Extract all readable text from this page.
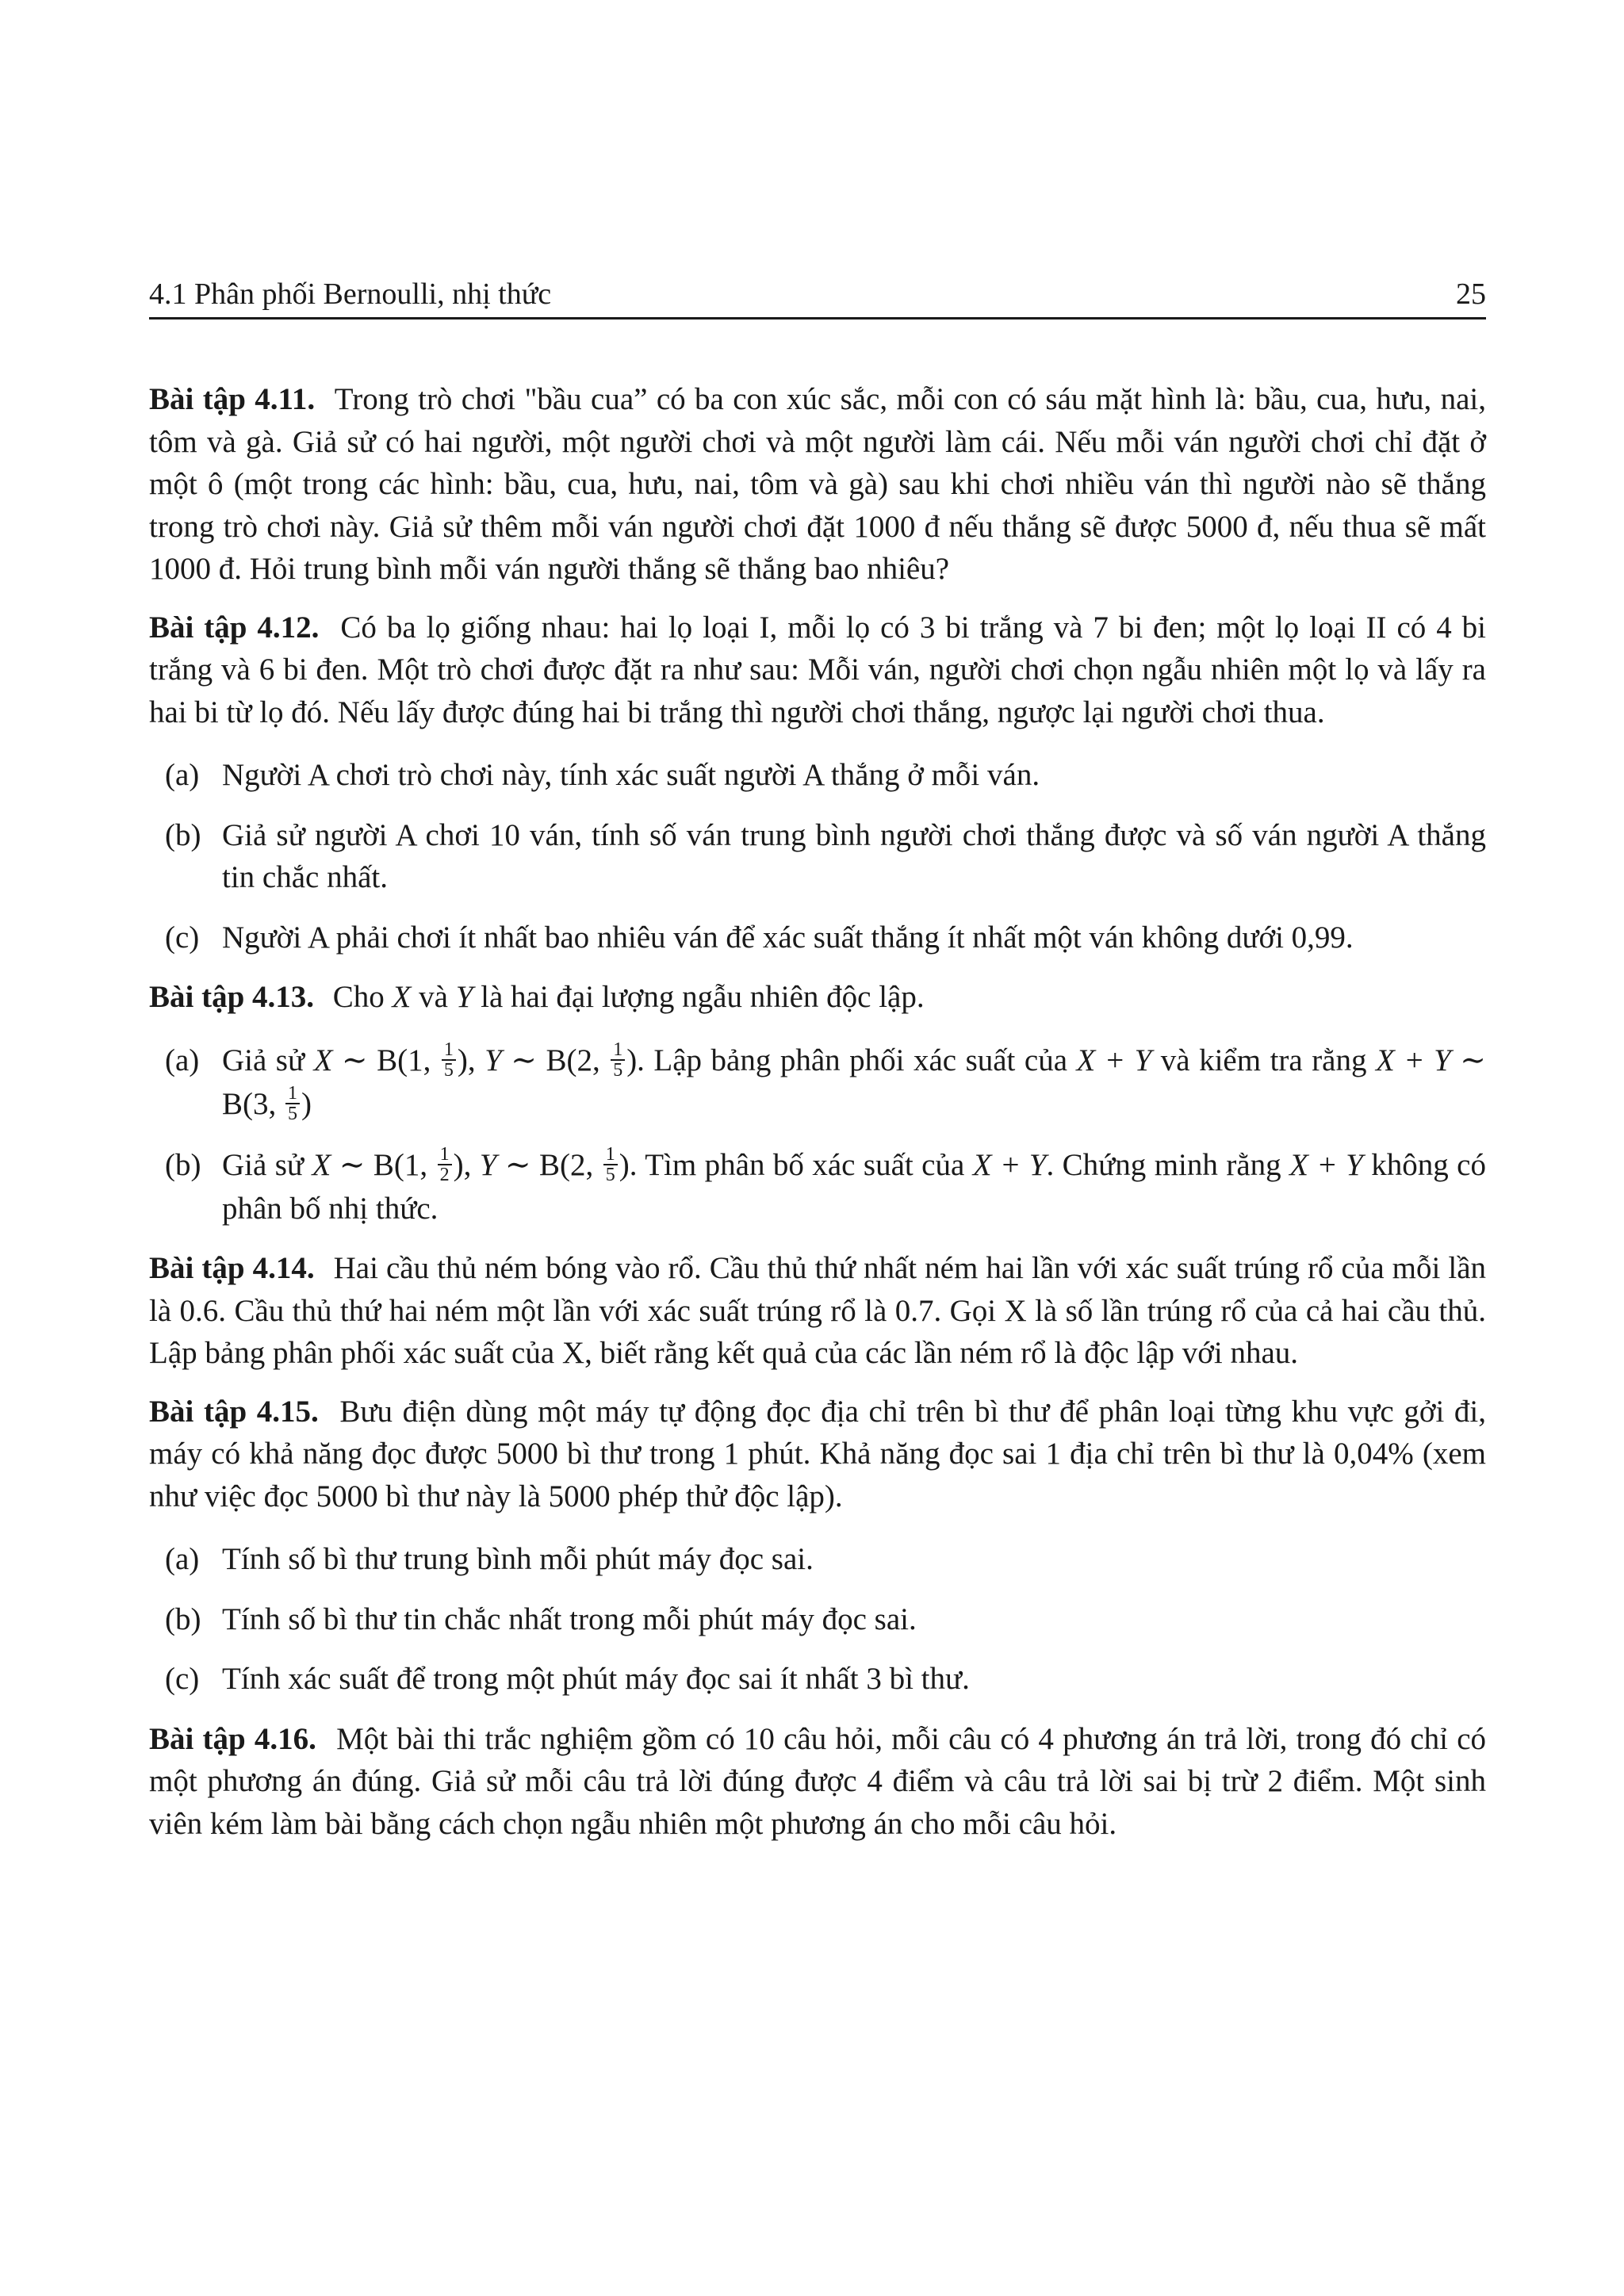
4.1 Phân phối Bernoulli, nhị thức	25

Bài tập 4.11. Trong trò chơi "bầu cua” có ba con xúc sắc, mỗi con có sáu mặt hình là: bầu, cua, hưu, nai, tôm và gà. Giả sử có hai người, một người chơi và một người làm cái. Nếu mỗi ván người chơi chỉ đặt ở một ô (một trong các hình: bầu, cua, hưu, nai, tôm và gà) sau khi chơi nhiều ván thì người nào sẽ thắng trong trò chơi này. Giả sử thêm mỗi ván người chơi đặt 1000 đ nếu thắng sẽ được 5000 đ, nếu thua sẽ mất 1000 đ. Hỏi trung bình mỗi ván người thắng sẽ thắng bao nhiêu?

Bài tập 4.12. Có ba lọ giống nhau: hai lọ loại I, mỗi lọ có 3 bi trắng và 7 bi đen; một lọ loại II có 4 bi trắng và 6 bi đen. Một trò chơi được đặt ra như sau: Mỗi ván, người chơi chọn ngẫu nhiên một lọ và lấy ra hai bi từ lọ đó. Nếu lấy được đúng hai bi trắng thì người chơi thắng, ngược lại người chơi thua.

(a) Người A chơi trò chơi này, tính xác suất người A thắng ở mỗi ván.
(b) Giả sử người A chơi 10 ván, tính số ván trung bình người chơi thắng được và số ván người A thắng tin chắc nhất.
(c) Người A phải chơi ít nhất bao nhiêu ván để xác suất thắng ít nhất một ván không dưới 0,99.

Bài tập 4.13. Cho X và Y là hai đại lượng ngẫu nhiên độc lập.

(a) Giả sử X ∼ B(1, $\frac{1}{5}$ ), Y ∼ B(2, $\frac{1}{5}$ ). Lập bảng phân phối xác suất của X + Y và kiểm tra rằng X + Y ∼ B(3, $\frac{1}{5}$ )
(b) Giả sử X ∼ B(1, $\frac{1}{2}$ ), Y ∼ B(2, $\frac{1}{5}$ ). Tìm phân bố xác suất của X + Y. Chứng minh rằng X + Y không có phân bố nhị thức.

Bài tập 4.14. Hai cầu thủ ném bóng vào rổ. Cầu thủ thứ nhất ném hai lần với xác suất trúng rổ của mỗi lần là 0.6. Cầu thủ thứ hai ném một lần với xác suất trúng rổ là 0.7. Gọi X là số lần trúng rổ của cả hai cầu thủ. Lập bảng phân phối xác suất của X, biết rằng kết quả của các lần ném rổ là độc lập với nhau.

Bài tập 4.15. Bưu điện dùng một máy tự động đọc địa chỉ trên bì thư để phân loại từng khu vực gởi đi, máy có khả năng đọc được 5000 bì thư trong 1 phút. Khả năng đọc sai 1 địa chỉ trên bì thư là 0,04% (xem như việc đọc 5000 bì thư này là 5000 phép thử độc lập).

(a) Tính số bì thư trung bình mỗi phút máy đọc sai.
(b) Tính số bì thư tin chắc nhất trong mỗi phút máy đọc sai.
(c) Tính xác suất để trong một phút máy đọc sai ít nhất 3 bì thư.

Bài tập 4.16. Một bài thi trắc nghiệm gồm có 10 câu hỏi, mỗi câu có 4 phương án trả lời, trong đó chỉ có một phương án đúng. Giả sử mỗi câu trả lời đúng được 4 điểm và câu trả lời sai bị trừ 2 điểm. Một sinh viên kém làm bài bằng cách chọn ngẫu nhiên một phương án cho mỗi câu hỏi.
